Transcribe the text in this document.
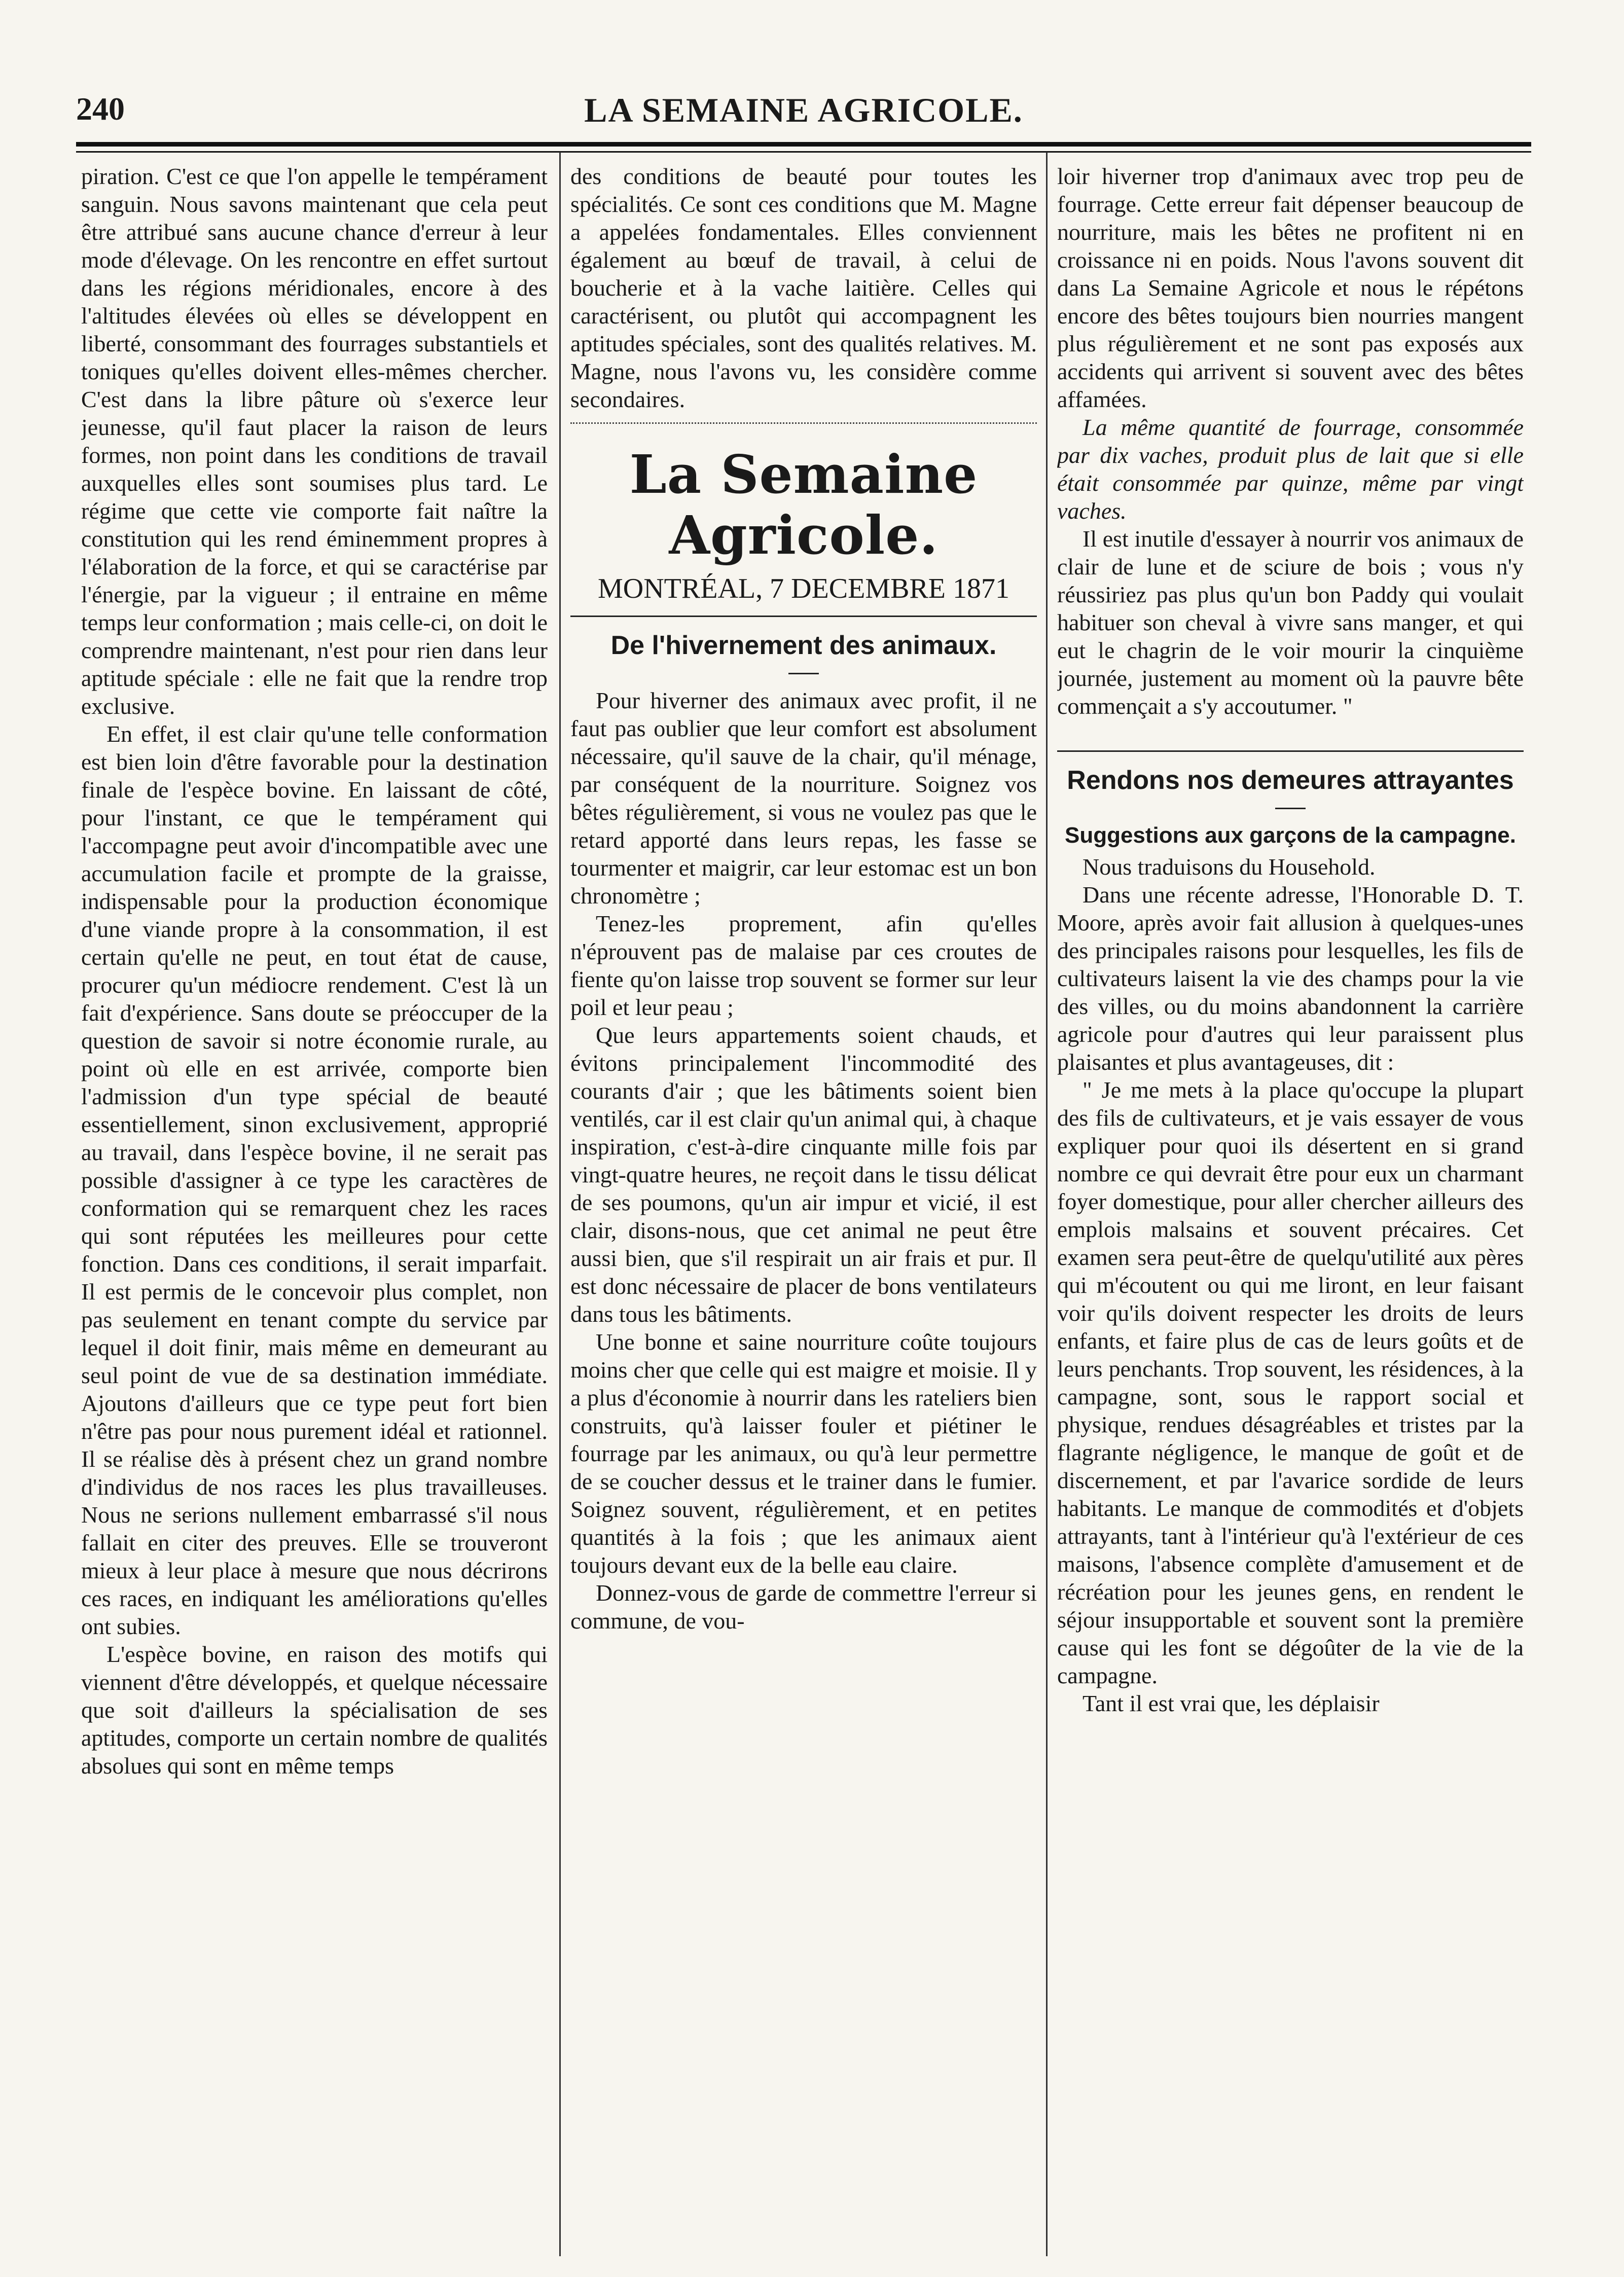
240	LA SEMAINE AGRICOLE.

piration. C'est ce que l'on appelle le tempérament sanguin. Nous savons maintenant que cela peut être attribué sans aucune chance d'erreur à leur mode d'élevage. On les rencontre en effet surtout dans les régions méridionales, encore à des l'altitudes élevées où elles se développent en liberté, consommant des fourrages substantiels et toniques qu'elles doivent elles-mêmes chercher. C'est dans la libre pâture où s'exerce leur jeunesse, qu'il faut placer la raison de leurs formes, non point dans les conditions de travail auxquelles elles sont soumises plus tard. Le régime que cette vie comporte fait naître la constitution qui les rend éminemment propres à l'élaboration de la force, et qui se caractérise par l'énergie, par la vigueur ; il entraine en même temps leur conformation ; mais celle-ci, on doit le comprendre maintenant, n'est pour rien dans leur aptitude spéciale : elle ne fait que la rendre trop exclusive.

En effet, il est clair qu'une telle conformation est bien loin d'être favorable pour la destination finale de l'espèce bovine. En laissant de côté, pour l'instant, ce que le tempérament qui l'accompagne peut avoir d'incompatible avec une accumulation facile et prompte de la graisse, indispensable pour la production économique d'une viande propre à la consommation, il est certain qu'elle ne peut, en tout état de cause, procurer qu'un médiocre rendement. C'est là un fait d'expérience. Sans doute se préoccuper de la question de savoir si notre économie rurale, au point où elle en est arrivée, comporte bien l'admission d'un type spécial de beauté essentiellement, sinon exclusivement, approprié au travail, dans l'espèce bovine, il ne serait pas possible d'assigner à ce type les caractères de conformation qui se remarquent chez les races qui sont réputées les meilleures pour cette fonction. Dans ces conditions, il serait imparfait. Il est permis de le concevoir plus complet, non pas seulement en tenant compte du service par lequel il doit finir, mais même en demeurant au seul point de vue de sa destination immédiate. Ajoutons d'ailleurs que ce type peut fort bien n'être pas pour nous purement idéal et rationnel. Il se réalise dès à présent chez un grand nombre d'individus de nos races les plus travailleuses. Nous ne serions nullement embarrassé s'il nous fallait en citer des preuves. Elle se trouveront mieux à leur place à mesure que nous décrirons ces races, en indiquant les améliorations qu'elles ont subies.

L'espèce bovine, en raison des motifs qui viennent d'être développés, et quelque nécessaire que soit d'ailleurs la spécialisation de ses aptitudes, comporte un certain nombre de qualités absolues qui sont en même temps

des conditions de beauté pour toutes les spécialités. Ce sont ces conditions que M. Magne a appelées fondamentales. Elles conviennent également au bœuf de travail, à celui de boucherie et à la vache laitière. Celles qui caractérisent, ou plutôt qui accompagnent les aptitudes spéciales, sont des qualités relatives. M. Magne, nous l'avons vu, les considère comme secondaires.

La Semaine Agricole.
MONTRÉAL, 7 DECEMBRE 1871
De l'hivernement des animaux.

Pour hiverner des animaux avec profit, il ne faut pas oublier que leur comfort est absolument nécessaire, qu'il sauve de la chair, qu'il ménage, par conséquent de la nourriture. Soignez vos bêtes régulièrement, si vous ne voulez pas que le retard apporté dans leurs repas, les fasse se tourmenter et maigrir, car leur estomac est un bon chronomètre ;

Tenez-les proprement, afin qu'elles n'éprouvent pas de malaise par ces croutes de fiente qu'on laisse trop souvent se former sur leur poil et leur peau ;

Que leurs appartements soient chauds, et évitons principalement l'incommodité des courants d'air ; que les bâtiments soient bien ventilés, car il est clair qu'un animal qui, à chaque inspiration, c'est-à-dire cinquante mille fois par vingt-quatre heures, ne reçoit dans le tissu délicat de ses poumons, qu'un air impur et vicié, il est clair, disons-nous, que cet animal ne peut être aussi bien, que s'il respirait un air frais et pur. Il est donc nécessaire de placer de bons ventilateurs dans tous les bâtiments.

Une bonne et saine nourriture coûte toujours moins cher que celle qui est maigre et moisie. Il y a plus d'économie à nourrir dans les rateliers bien construits, qu'à laisser fouler et piétiner le fourrage par les animaux, ou qu'à leur permettre de se coucher dessus et le trainer dans le fumier. Soignez souvent, régulièrement, et en petites quantités à la fois ; que les animaux aient toujours devant eux de la belle eau claire.

Donnez-vous de garde de commettre l'erreur si commune, de vou-

loir hiverner trop d'animaux avec trop peu de fourrage. Cette erreur fait dépenser beaucoup de nourriture, mais les bêtes ne profitent ni en croissance ni en poids. Nous l'avons souvent dit dans La Semaine Agricole et nous le répétons encore des bêtes toujours bien nourries mangent plus régulièrement et ne sont pas exposés aux accidents qui arrivent si souvent avec des bêtes affamées.

La même quantité de fourrage, consommée par dix vaches, produit plus de lait que si elle était consommée par quinze, même par vingt vaches.

Il est inutile d'essayer à nourrir vos animaux de clair de lune et de sciure de bois ; vous n'y réussiriez pas plus qu'un bon Paddy qui voulait habituer son cheval à vivre sans manger, et qui eut le chagrin de le voir mourir la cinquième journée, justement au moment où la pauvre bête commençait a s'y accoutumer. "

Rendons nos demeures attrayantes
Suggestions aux garçons de la campagne.

Nous traduisons du Household.

Dans une récente adresse, l'Honorable D. T. Moore, après avoir fait allusion à quelques-unes des principales raisons pour lesquelles, les fils de cultivateurs laisent la vie des champs pour la vie des villes, ou du moins abandonnent la carrière agricole pour d'autres qui leur paraissent plus plaisantes et plus avantageuses, dit :

" Je me mets à la place qu'occupe la plupart des fils de cultivateurs, et je vais essayer de vous expliquer pour quoi ils désertent en si grand nombre ce qui devrait être pour eux un charmant foyer domestique, pour aller chercher ailleurs des emplois malsains et souvent précaires. Cet examen sera peut-être de quelqu'utilité aux pères qui m'écoutent ou qui me liront, en leur faisant voir qu'ils doivent respecter les droits de leurs enfants, et faire plus de cas de leurs goûts et de leurs penchants. Trop souvent, les résidences, à la campagne, sont, sous le rapport social et physique, rendues désagréables et tristes par la flagrante négligence, le manque de goût et de discernement, et par l'avarice sordide de leurs habitants. Le manque de commodités et d'objets attrayants, tant à l'intérieur qu'à l'extérieur de ces maisons, l'absence complète d'amusement et de récréation pour les jeunes gens, en rendent le séjour insupportable et souvent sont la première cause qui les font se dégoûter de la vie de la campagne.

Tant il est vrai que, les déplaisir
